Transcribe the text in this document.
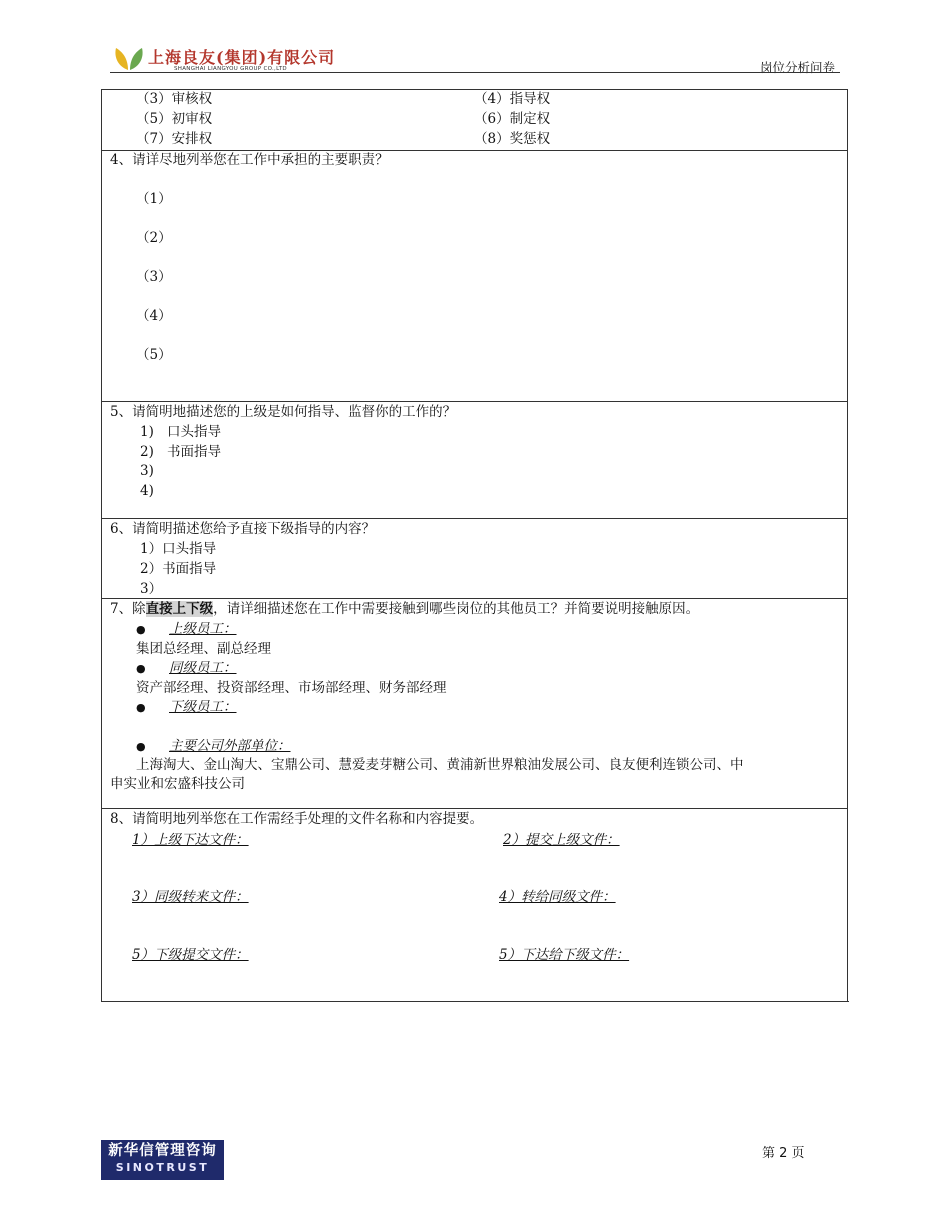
上海良友(集团)有限公司
SHANGHAI LIANGYOU GROUP CO.,LTD	岗位分析问卷
（3）审核权	（4）指导权
（5）初审权	（6）制定权
（7）安排权	（8）奖惩权
4、请详尽地列举您在工作中承担的主要职责？
（1）
（2）
（3）
（4）
（5）
5、请简明地描述您的上级是如何指导、监督你的工作的？
1) 口头指导
2) 书面指导
3)
4)
6、请简明描述您给予直接下级指导的内容？
1）口头指导
2）书面指导
3）
7、除直接上下级，请详细描述您在工作中需要接触到哪些岗位的其他员工？并简要说明接触原因。
● 上级员工：
集团总经理、副总经理
● 同级员工：
资产部经理、投资部经理、市场部经理、财务部经理
● 下级员工：
● 主要公司外部单位：
上海淘大、金山淘大、宝鼎公司、慧爱麦芽糖公司、黄浦新世界粮油发展公司、良友便利连锁公司、中
申实业和宏盛科技公司
8、请简明地列举您在工作需经手处理的文件名称和内容提要。
1）上级下达文件：	2）提交上级文件：
3）同级转来文件：	4）转给同级文件：
5）下级提交文件：	5）下达给下级文件：
新华信管理咨询
SINOTRUST
第 2 页
